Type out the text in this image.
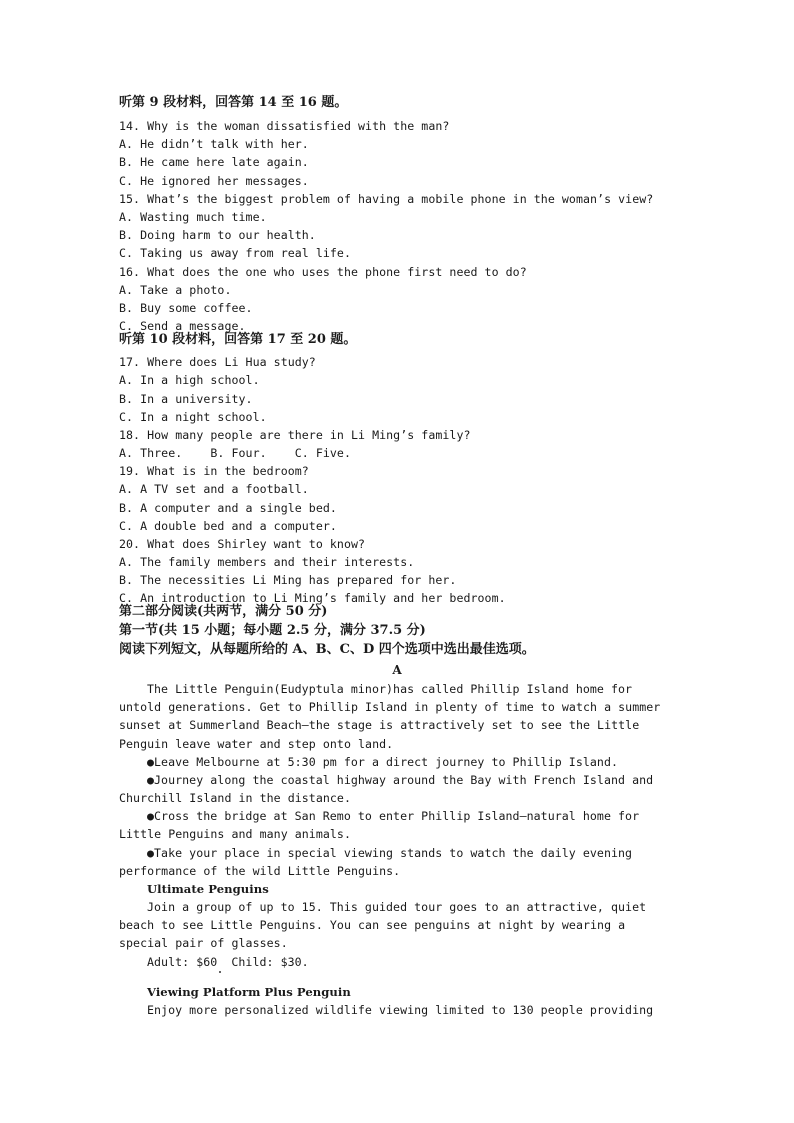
听第 9 段材料，回答第 14 至 16 题。
14. Why is the woman dissatisfied with the man?
A. He didn’t talk with her.
B. He came here late again.
C. He ignored her messages.
15. What’s the biggest problem of having a mobile phone in the woman’s view?
A. Wasting much time.
B. Doing harm to our health.
C. Taking us away from real life.
16. What does the one who uses the phone first need to do?
A. Take a photo.
B. Buy some coffee.
C. Send a message.
听第 10 段材料，回答第 17 至 20 题。
17. Where does Li Hua study?
A. In a high school.
B. In a university.
C. In a night school.
18. How many people are there in Li Ming’s family?
A. Three.    B. Four.    C. Five.
19. What is in the bedroom?
A. A TV set and a football.
B. A computer and a single bed.
C. A double bed and a computer.
20. What does Shirley want to know?
A. The family members and their interests.
B. The necessities Li Ming has prepared for her.
C. An introduction to Li Ming’s family and her bedroom.
第二部分阅读(共两节，满分 50 分)
第一节(共 15 小题；每小题 2.5 分，满分 37.5 分)
阅读下列短文，从每题所给的 A、B、C、D 四个选项中选出最佳选项。
A
The Little Penguin(Eudyptula minor)has called Phillip Island home for
untold generations. Get to Phillip Island in plenty of time to watch a summer
sunset at Summerland Beach—the stage is attractively set to see the Little
Penguin leave water and step onto land.
●Leave Melbourne at 5:30 pm for a direct journey to Phillip Island.
●Journey along the coastal highway around the Bay with French Island and
Churchill Island in the distance.
●Cross the bridge at San Remo to enter Phillip Island—natural home for
Little Penguins and many animals.
●Take your place in special viewing stands to watch the daily evening
performance of the wild Little Penguins.
Ultimate Penguins
Join a group of up to 15. This guided tour goes to an attractive, quiet
beach to see Little Penguins. You can see penguins at night by wearing a
special pair of glasses.
Adult: $60  Child: $30.
Viewing Platform Plus Penguin
Enjoy more personalized wildlife viewing limited to 130 people providing
